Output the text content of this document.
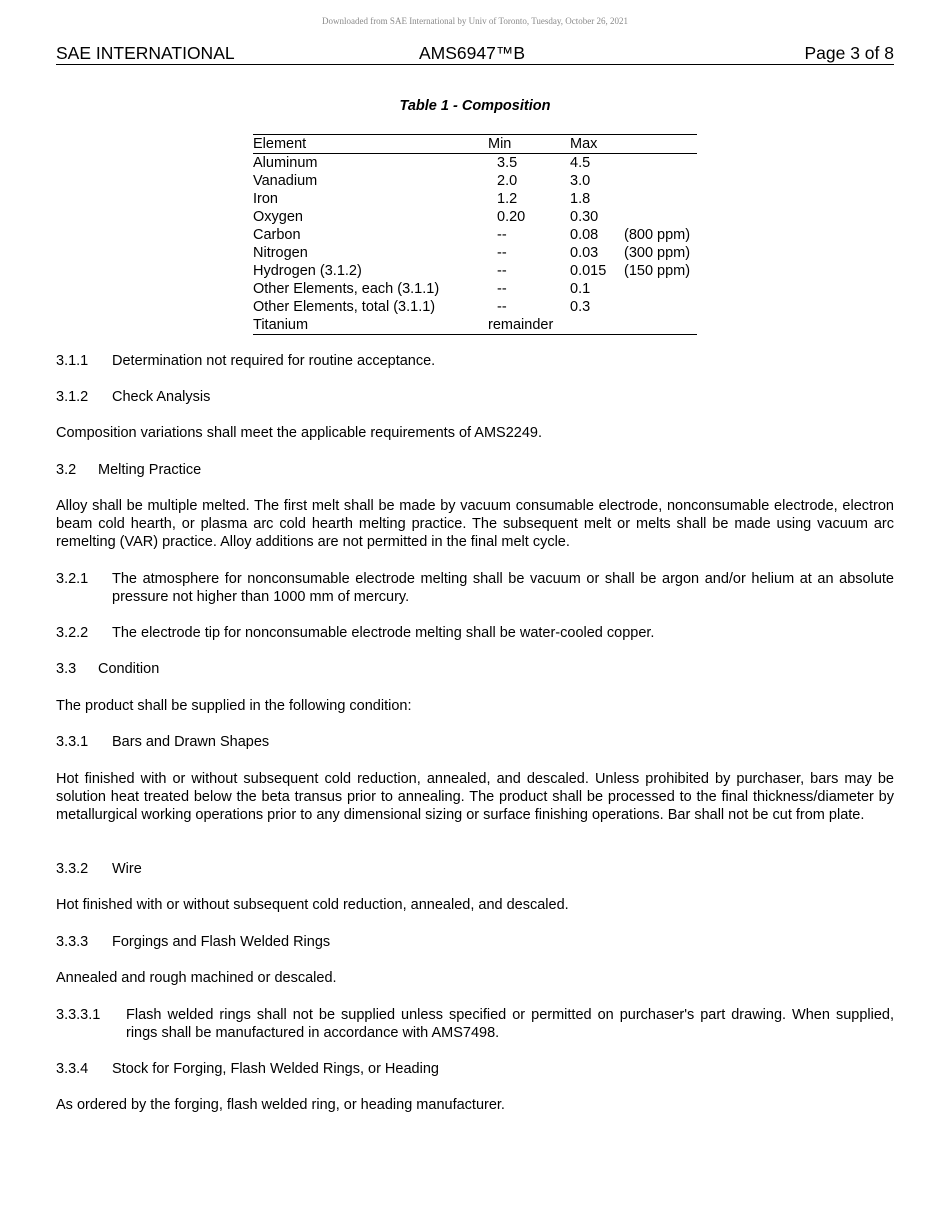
Downloaded from SAE International by Univ of Toronto, Tuesday, October 26, 2021
SAE INTERNATIONAL	AMS6947™B	Page 3 of 8
Table 1 - Composition
Element	Min	Max
Aluminum	3.5	4.5
Vanadium	2.0	3.0
Iron	1.2	1.8
Oxygen	0.20	0.30
Carbon	--	0.08 (800 ppm)
Nitrogen	--	0.03 (300 ppm)
Hydrogen (3.1.2)	--	0.015 (150 ppm)
Other Elements, each (3.1.1)	--	0.1
Other Elements, total (3.1.1)	--	0.3
Titanium	remainder
3.1.1 Determination not required for routine acceptance.
3.1.2 Check Analysis

Composition variations shall meet the applicable requirements of AMS2249.

3.2 Melting Practice

Alloy shall be multiple melted. The first melt shall be made by vacuum consumable electrode, nonconsumable electrode, electron beam cold hearth, or plasma arc cold hearth melting practice. The subsequent melt or melts shall be made using vacuum arc remelting (VAR) practice. Alloy additions are not permitted in the final melt cycle.

3.2.1 The atmosphere for nonconsumable electrode melting shall be vacuum or shall be argon and/or helium at an absolute pressure not higher than 1000 mm of mercury.

3.2.2 The electrode tip for nonconsumable electrode melting shall be water-cooled copper.
3.3 Condition

The product shall be supplied in the following condition:

3.3.1 Bars and Drawn Shapes

Hot finished with or without subsequent cold reduction, annealed, and descaled. Unless prohibited by purchaser, bars may be solution heat treated below the beta transus prior to annealing. The product shall be processed to the final thickness/diameter by metallurgical working operations prior to any dimensional sizing or surface finishing operations. Bar shall not be cut from plate.

3.3.2 Wire

Hot finished with or without subsequent cold reduction, annealed, and descaled.

3.3.3 Forgings and Flash Welded Rings

Annealed and rough machined or descaled.

3.3.3.1 Flash welded rings shall not be supplied unless specified or permitted on purchaser's part drawing. When supplied, rings shall be manufactured in accordance with AMS7498.

3.3.4 Stock for Forging, Flash Welded Rings, or Heading

As ordered by the forging, flash welded ring, or heading manufacturer.
